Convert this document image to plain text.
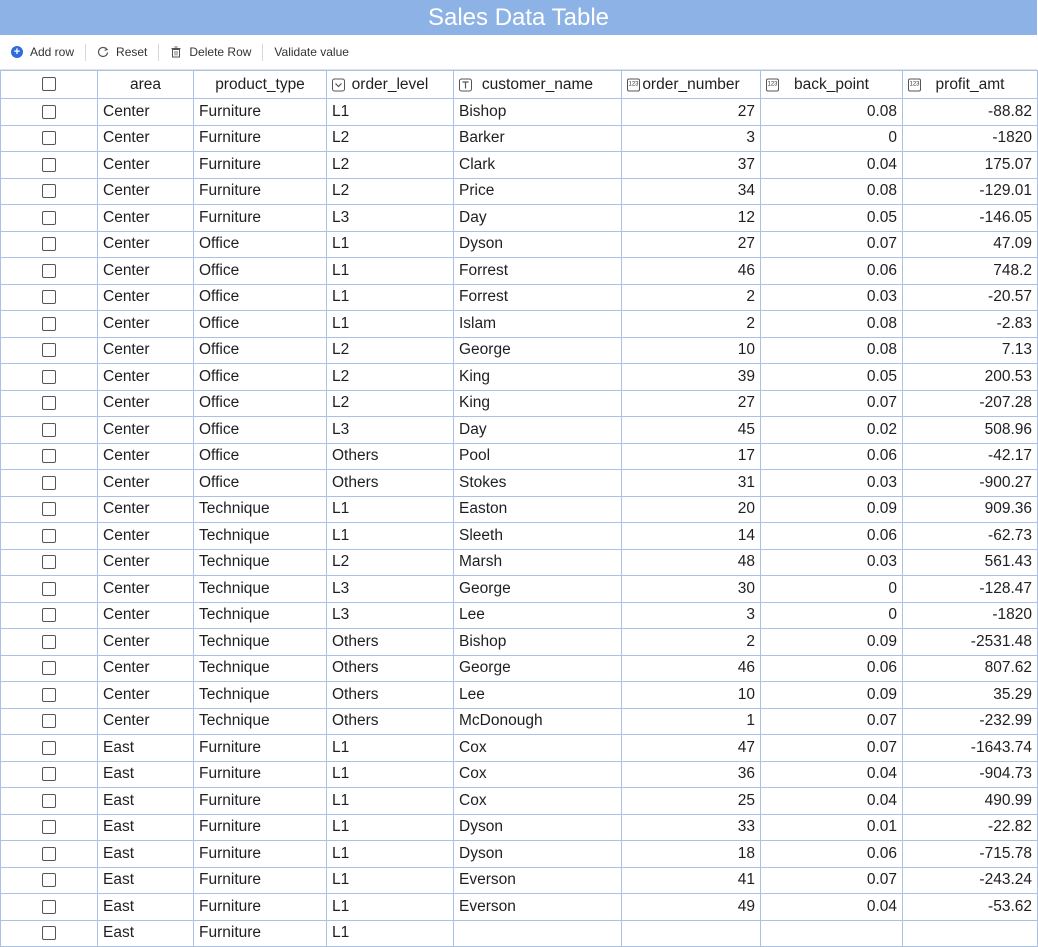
Sales Data Table
+ Add row	Reset	Delete Row Validate value

	area	product_type	order_level	customer_name	123 order_number	123 back_point	123 profit_amt

	Center	Furniture	L1	Bishop	27	0.08	-88.82
	Center	Furniture	L2	Barker	3	0	-1820
	Center	Furniture	L2	Clark	37	0.04	175.07
	Center	Furniture	L2	Price	34	0.08	-129.01
	Center	Furniture	L3	Day	12	0.05	-146.05
	Center	Office	L1	Dyson	27	0.07	47.09
	Center	Office	L1	Forrest	46	0.06	748.2
	Center	Office	L1	Forrest	2	0.03	-20.57
	Center	Office	L1	Islam	2	0.08	-2.83
	Center	Office	L2	George	10	0.08	7.13
	Center	Office	L2	King	39	0.05	200.53
	Center	Office	L2	King	27	0.07	-207.28
	Center	Office	L3	Day	45	0.02	508.96
	Center	Office	Others	Pool	17	0.06	-42.17
	Center	Office	Others	Stokes	31	0.03	-900.27
	Center	Technique	L1	Easton	20	0.09	909.36
	Center	Technique	L1	Sleeth	14	0.06	-62.73
	Center	Technique	L2	Marsh	48	0.03	561.43
	Center	Technique	L3	George	30	0	-128.47
	Center	Technique	L3	Lee	3	0	-1820
	Center	Technique	Others	Bishop	2	0.09	-2531.48
	Center	Technique	Others	George	46	0.06	807.62
	Center	Technique	Others	Lee	10	0.09	35.29
	Center	Technique	Others	McDonough	1	0.07	-232.99
	East	Furniture	L1	Cox	47	0.07	-1643.74
	East	Furniture	L1	Cox	36	0.04	-904.73
	East	Furniture	L1	Cox	25	0.04	490.99
	East	Furniture	L1	Dyson	33	0.01	-22.82
	East	Furniture	L1	Dyson	18	0.06	-715.78
	East	Furniture	L1	Everson	41	0.07	-243.24
	East	Furniture	L1	Everson	49	0.04	-53.62
	East	Furniture	L1				
